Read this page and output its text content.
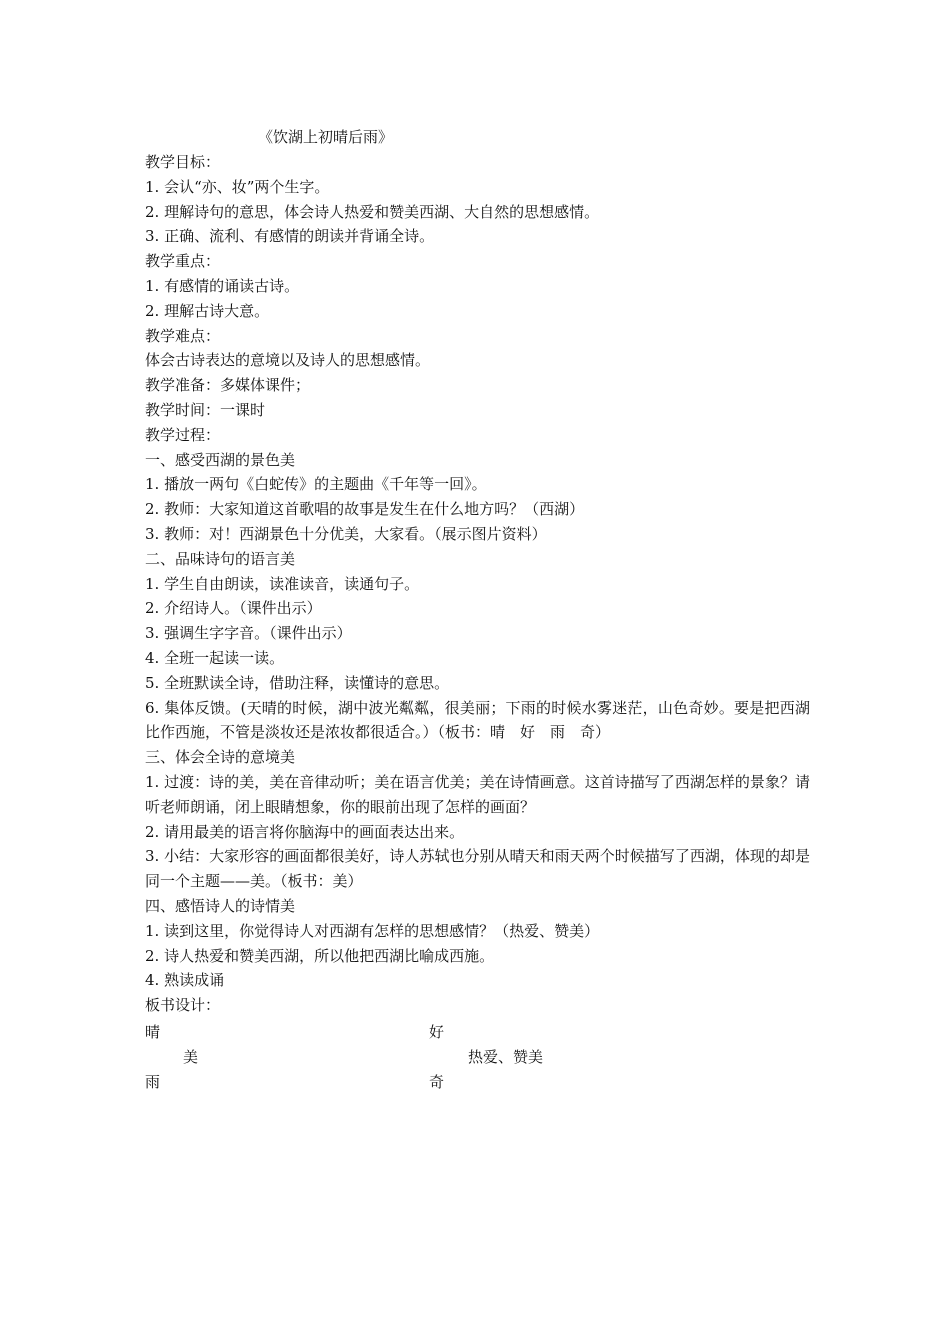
《饮湖上初晴后雨》
教学目标：
1. 会认“亦、妆”两个生字。
2. 理解诗句的意思，体会诗人热爱和赞美西湖、大自然的思想感情。
3. 正确、流利、有感情的朗读并背诵全诗。
教学重点：
1. 有感情的诵读古诗。
2. 理解古诗大意。
教学难点：
体会古诗表达的意境以及诗人的思想感情。
教学准备：多媒体课件；
教学时间：一课时
教学过程：
一、感受西湖的景色美
1. 播放一两句《白蛇传》的主题曲《千年等一回》。
2. 教师：大家知道这首歌唱的故事是发生在什么地方吗？（西湖）
3. 教师：对！西湖景色十分优美，大家看。（展示图片资料）
二、品味诗句的语言美
1. 学生自由朗读，读准读音，读通句子。
2. 介绍诗人。（课件出示）
3. 强调生字字音。（课件出示）
4. 全班一起读一读。
5. 全班默读全诗，借助注释，读懂诗的意思。
6. 集体反馈。(天晴的时候，湖中波光粼粼，很美丽；下雨的时候水雾迷茫，山色奇妙。要是把西湖比作西施，不管是淡妆还是浓妆都很适合。）（板书：晴　好　雨　奇）
三、体会全诗的意境美
1. 过渡：诗的美，美在音律动听；美在语言优美；美在诗情画意。这首诗描写了西湖怎样的景象？请听老师朗诵，闭上眼睛想象，你的眼前出现了怎样的画面？
2. 请用最美的语言将你脑海中的画面表达出来。
3. 小结：大家形容的画面都很美好，诗人苏轼也分别从晴天和雨天两个时候描写了西湖，体现的却是同一个主题——美。（板书：美）
四、感悟诗人的诗情美
1. 读到这里，你觉得诗人对西湖有怎样的思想感情？（热爱、赞美）
2. 诗人热爱和赞美西湖，所以他把西湖比喻成西施。
4. 熟读成诵
板书设计：
晴	好
美	热爱、赞美
雨	奇
